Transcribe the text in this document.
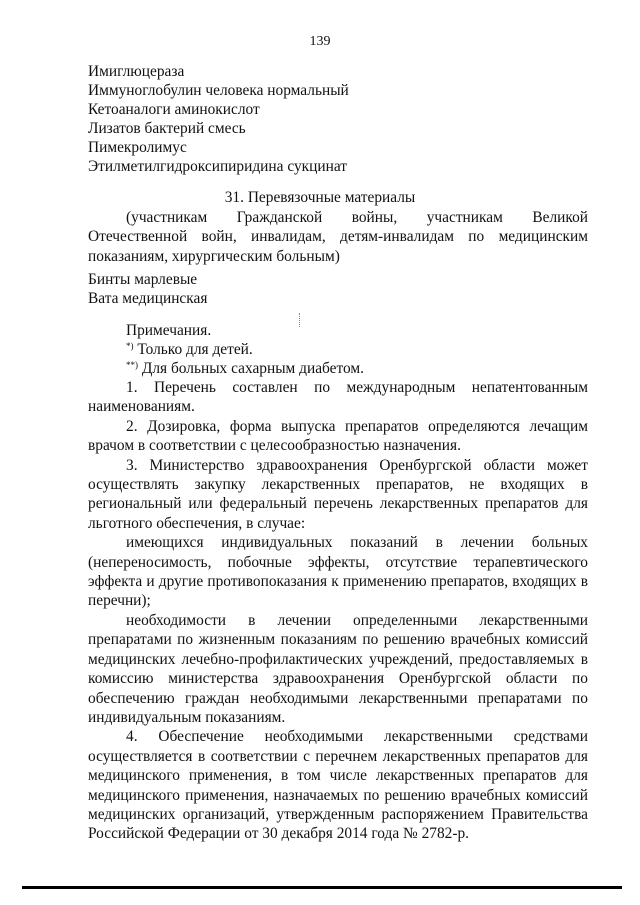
139
Имиглюцераза
Иммуноглобулин человека нормальный
Кетоаналоги аминокислот
Лизатов бактерий смесь
Пимекролимус
Этилметилгидроксипиридина сукцинат
31. Перевязочные материалы

(участникам Гражданской войны, участникам Великой Отечественной войн, инвалидам, детям-инвалидам по медицинским показаниям, хирургическим больным)

Бинты марлевые
Вата медицинская
Примечания.
*) Только для детей.
**) Для больных сахарным диабетом.

1. Перечень составлен по международным непатентованным наименованиям.

2. Дозировка, форма выпуска препаратов определяются лечащим врачом в соответствии с целесообразностью назначения.

3. Министерство здравоохранения Оренбургской области может осуществлять закупку лекарственных препаратов, не входящих в региональный или федеральный перечень лекарственных препаратов для льготного обеспечения, в случае:

имеющихся индивидуальных показаний в лечении больных (непереносимость, побочные эффекты, отсутствие терапевтического эффекта и другие противопоказания к применению препаратов, входящих в перечни);

необходимости в лечении определенными лекарственными препаратами по жизненным показаниям по решению врачебных комиссий медицинских лечебно-профилактических учреждений, предоставляемых в комиссию министерства здравоохранения Оренбургской области по обеспечению граждан необходимыми лекарственными препаратами по индивидуальным показаниям.

4. Обеспечение необходимыми лекарственными средствами осуществляется в соответствии с перечнем лекарственных препаратов для медицинского применения, в том числе лекарственных препаратов для медицинского применения, назначаемых по решению врачебных комиссий медицинских организаций, утвержденным распоряжением Правительства Российской Федерации от 30 декабря 2014 года № 2782-р.
